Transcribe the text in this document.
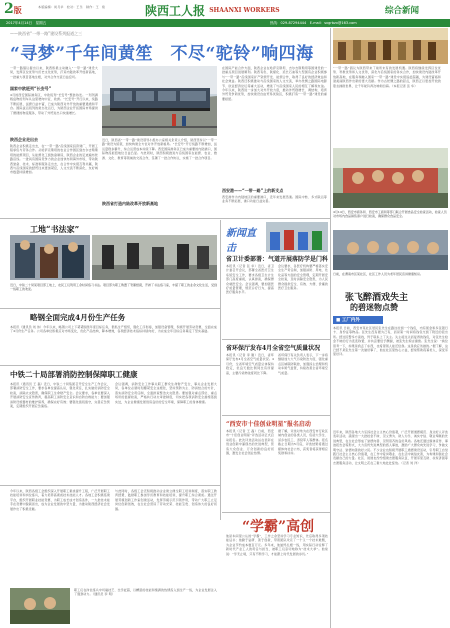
2版	本版编辑：尚月华　校对：王乐　制作：王　艳	陕西工人报 SHAANXI WORKERS	综合新闻
2017年4月14日　星期五	热线：029-87294444　E-mail：sxgrbzx@163.com
——陕西省“一带一路”建设系列报道之三
“寻梦”千年间黄笙　不尽“驼铃”响四海
一带一路倡议提出以来，陕西积极主动融入“一带一路”建设大局，发挥区位优势与历史文化优势，打造内陆改革开放新高地，一批重大项目落地生根，对外合作交流日益密切。
国家中欧班列“长安号”
4月的西安国际港务区，中欧班列“长安号”整装待发。一列列满载货物的列车从这里驶向中亚、欧洲。“长安号”开行以来，线路不断拓展，货源日益丰富，已成为陕西对外开放的重要通道和平台。国际货运班列的常态化运行，为陕西企业开拓国际市场提供了便捷的物流服务，带动了外贸进出口快速增长。
陕西企业走出去
陕西企业积极走出去，在“一带一路”沿线国家投资建厂，开展工程承包与劳务合作。从哈萨克斯坦的农业合作园区到吉尔吉斯斯坦的能源项目，从能源化工到装备制造，陕西企业的足迹遍布丝路沿线。一批具有国际竞争力的企业加快布局海外市场，带动陕西装备、技术、标准和服务走出去，在合作中实现互利共赢，陕西与沿线国家的经贸往来更加紧密，人文交流不断深化，友好城市数量持续增加。
近日，陕西省“一带一路”建设领导小组办公室相关负责人介绍，陕西坚持以“一带一路”建设为统领，加快构建全方位对外开放新格局。“长安号”开行线路不断增加，货运量稳步攀升，综合运营成本持续下降。西安国际港务区已成为重要的内陆港口，国际物流枢纽地位日益凸显。与此同时，陕西积极推进与沿线国家在能源、农业、旅游、文化、教育等领域的交流合作，签署了一批合作协议，实施了一批合作项目。
陕西省打造内陆改革开放新高地
在国际产能合作方面，陕西企业在哈萨克斯坦、吉尔吉斯斯坦等国建设的一批重点项目进展顺利。陕西有色、陕煤化、延长石油等大型国有企业积极参与“一带一路”沿线国家矿产资源开发、能源合作，取得了良好的经济效益和社会效益。陕西还积极推动与沿线国家的人文交流，举办丝绸之路国际电影节、欧亚经济论坛等重大活动，增进了与沿线国家人民的相互了解和友谊。今年以来，陕西进一步加大对外开放力度，推动外贸稳增长、调结构，培育外贸竞争新优势，加快建设自由贸易试验区，积极打造“一带一路”建设的重要枢纽。
西安港——“一带一路”上的新支点
西安港作为内陆地区的重要港口，近年来发展迅速。国际中转、多式联运等业务不断拓展，港口功能日益完善。
“一带一路”倡议为陕西带来了前所未有的发展机遇。陕西将继续发挥区位优势、科教优势和人文优势，深化与沿线国家的务实合作，加快建设内陆改革开放新高地，在服务和融入国家“一带一路”建设中实现追赶超越，为建设富裕和谐美丽陕西作出新的更大贡献。作为古丝绸之路的起点，陕西正以更加开放的姿态拥抱世界，让千年驼铃再次响彻四海。（本报记者 张 华）
工地“书法家”
近日，中铁二十局某项目部工地上，农民工们利用工余时间练习书法。项目部为职工购置了笔墨纸砚，开辟了书法练习室，丰富了职工的业余文化生活，受到一线职工的欢迎。
略钢全面完成4月份生产任务
本报讯（通讯员 刘 伟）今年以来，略钢公司上下紧紧围绕年度目标任务，狠抓生产组织，强化工序衔接，加强设备管理，积极开展劳动竞赛，全面完成了4月份生产任务。公司各单位积极应对市场变化，优化产品结构，降本增效，各项经济技术指标持续向好，为完成全年目标任务奠定了坚实基础。
中铁二十局部署消防控制保障职工健康
本报讯（通讯员 王 磊）近日，中铁二十局集团召开安全生产工作会议，部署消防安全工作，要求各单位提高认识，强化责任，扎实做好消防安全检查，消除火灾隐患，确保职工生命财产安全。会议要求，各单位要深入开展消防安全宣传教育，提高职工消防安全意识和自防自救能力；要加强消防设施器材的维护保养，确保完好有效；要强化值班值守，完善应急预案，定期组织开展应急演练。
会议强调，消防安全工作事关职工群众生命财产安全，事关企业发展大局，各单位必须时刻绷紧安全这根弦，坚持预防为主、防消结合的方针，落实消防安全责任制，全面排查整治火灾隐患。要加强对重点部位、重点场所的监督检查，严格执行动火审批制度，切实把各项消防安全措施落到实处，为企业健康发展创造良好的安全环境，保障职工的身体健康。
今年以来，陕西各级工会组织深入开展职工素质提升工程，广泛开展职工技能培训和岗位练兵，着力培养高素质技术技能人才。各地工会积极搭建平台，组织开展职业技能竞赛，为职工成长成才创造条件，一大批技术能手在竞赛中脱颖而出，成为企业发展的中坚力量，为推动陕西经济社会发展作出了积极贡献。
与此同时，各级工会还积极推动企业建立健全职工培训制度，落实职工教育经费，鼓励职工参加学历教育和技能培训，提升职工综合素质。通过开展劳模创新工作室创建活动，发挥劳模示范引领作用，带动广大职工立足岗位创新创效，在全社会营造了劳动光荣、技能宝贵、创造伟大的良好氛围。
职工们在岗位练兵中切磋技艺、比学赶超，以精湛的技能和饱满的热情投入到生产一线，为企业发展注入了强劲动力。（通讯员 李 明）
新闻直击
省卫计委部署：气道开展落防学是门科
本报讯（记者 张 华）近日，省卫计委召开会议，部署全省医疗卫生系统安全工作，要求各级卫生计生部门高度重视，认真排查，确保群众就医安全。会议强调，要加强医疗质量管理，规范诊疗行为，提高医疗服务水平。
会议要求，各医疗机构要严格落实安全生产责任制，加强消防、用电、危化品等方面的安全管理，定期开展安全检查，及时消除安全隐患，为人民群众提供安全、有效、方便、价廉的医疗卫生服务。
省环保厅发布4月全省空气质量状况
本报讯（记者 李 刚）近日，省环保厅发布4月全省空气质量状况。4月份，全省环境空气质量总体保持稳定，优良天数比例同比有所提高，主要污染物浓度同比下降。
省环保厅有关负责人表示，下一步将继续加大大气污染防治力度，强化重点区域联防联控，加强扬尘治理和机动车尾气监管，持续改善全省环境空气质量。
“西安市十佳创业明星”报名启动
本报讯（记者 王 磊）日前，西安市“十佳创业明星”评选活动正式启动报名。此次评选活动旨在表彰在创业创新中涌现出的先进典型，营造大众创业、万众创新的良好氛围，激发全社会创业热情。
据了解，评选对象为在西安市行政区域内创业的各类人员，包括大学生、返乡农民工、退役军人等群体。报名截止日期为5月底，评选结果将通过媒体向社会公布，获奖者将获得相应奖励和扶持。
“学霸”高创
他是车间里公认的“学霸”，工作之余坚持学习专业知识，先后取得多项技能证书；他勤于钻研、善于创新，带领团队攻克了一个又一个技术难题，为企业节约成本数百万元。多年来，他始终扎根一线，用实际行动诠释了新时代产业工人的责任与担当，被职工们亲切地称为“技术大拿”。他常说：“学无止境，只有不断学习，才能跟上时代发展的步伐。”
4月14日，西安市商务局、西安市工商局等部门联合开展食品安全检查活动，检查人员对市场内食品销售商户进行检查，确保群众食品安全。
日前，在渭南市区某社区，社区工作人员为老年居民宣讲健康知识。
张飞醉酒戏失主
的碧迷物点赞
■ 工厂内外
本报讯 日前，西安市某社区居民张先生在路边捡到一个钱包，内有现金和多张银行卡、身份证等物品。张先生没有据为己有，而是第一时间将钱包交到了附近的派出所。经过民警多方查找，终于联系上了失主。失主接过失而复得的钱包，对张先生拾金不昧的行为连连称赞，并执意要给予酬谢，被张先生婉言谢绝。张先生说：“换位思考一下，如果是我丢了东西，也希望别人能还给我。这是我应该做的。”据了解，这已经不是张先生第一次做好事了，他在社区里热心公益，经常帮助孤寡老人，深受邻里好评。
近年来，陕西各地大力弘扬社会主义核心价值观，广泛开展道德模范、身边好人评选表彰活动，涌现出一大批拾金不昧、见义勇为、助人为乐、诚实守信、敬业奉献的先进典型，在全社会形成了崇德向善、见贤思齐的良好风尚。各地还通过媒体宣传、事迹报告会等形式，大力宣传先进典型的感人事迹，激励广大群众向先进学习，争做文明守法、崇德向善的好公民。不少企业也积极开展职工道德建设活动，引导职工自觉践行社会主义核心价值观，在工作中爱岗敬业、在生活中诚信友善，为构建和谐社会贡献自己的力量。社区、街道也纷纷组建志愿服务队伍，开展邻里互助、扶贫济困等志愿服务活动，让文明之花在三秦大地处处绽放。（记者 刘 洋）
